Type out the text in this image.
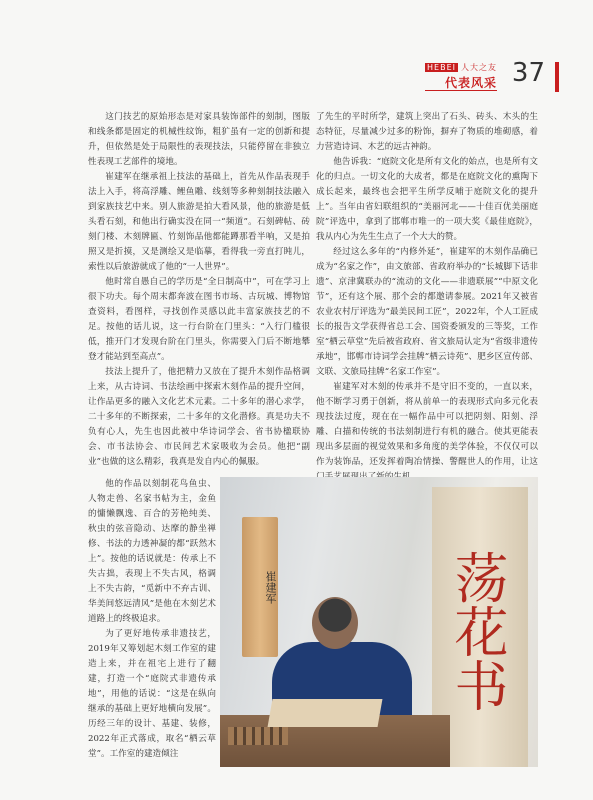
HEBEI 人大之友
代表风采 37

这门技艺的原始形态是对家具装饰部件的刻制，图版和线条都是固定的机械性纹饰，粗犷虽有一定的创新和提升，但依然是处于局限性的表现技法，只能停留在非独立性表现工艺部件的境地。

崔建军在继承祖上技法的基础上，首先从作品表现手法上入手，将高浮雕、鲤鱼雕、线刻等多种刻制技法融入到家族技艺中来。别人旅游是拍大看风景，他的旅游是低头看石刻，和他出行确实没在同一“频道”。石刻碑帖、砖刻门楼、木刻牌匾、竹刻饰品他都能蹲那看半响，又是拍照又是折摸，又是测绘又是临摹，看得我一旁直打盹儿，索性以后旅游就成了他的“一人世界”。

他时常自愚自己的学历是“全日制高中”，可在学习上很下功夫。每个周末都奔波在图书市场、古玩城、博物馆查资料，看图样，寻找创作灵感以此丰富家族技艺的不足。按他的话儿说，这一行台阶在门里头：“入行门槛很低，推开门才发现台阶在门里头，你需要入门后不断地攀登才能站到至高点”。

技法上提升了，他把精力又放在了提升木刻作品格调上来，从古诗词、书法绘画中探索木刻作品的提升空间，让作品更多的融入文化艺术元素。二十多年的潜心求学，二十多年的不断探索，二十多年的文化潜修。真是功夫不负有心人，先生也因此被中华诗词学会、省书协楹联协会、市书法协会、市民间艺术家吸收为会员。他把“副业”也做的这么精彩，我真是发自内心的佩服。

了先生的平时所学，建筑上突出了石头、砖头、木头的生态特征，尽量减少过多的粉饰，摒弃了物质的堆砌感，着力营造诗词、木艺的远古神韵。

他告诉我：“庭院文化是所有文化的始点，也是所有文化的归点。一切文化的大成者，都是在庭院文化的熏陶下成长起来，最终也会把平生所学反哺于庭院文化的提升上”。当年由省妇联组织的“美丽河北——十佳百优美丽庭院”评选中，拿到了邯郸市唯一的一项大奖《最佳庭院》，我从内心为先生生点了一个大大的赞。

经过这么多年的“内修外延”，崔建军的木刻作品确已成为“名家之作”，由文旅部、省政府举办的“长城脚下话非遗”、京津冀联办的“流动的文化——非遗联展”“中原文化节”，还有这个展、那个会的都邀请参展。2021年又被省农业农村厅评选为“最美民间工匠”，2022年，个人工匠成长的报告文学获得省总工会、国资委颁发的三等奖，工作室“栖云草堂”先后被省政府、省文旅局认定为“省级非遗传承地”，邯郸市诗词学会挂牌“栖云诗苑”、肥乡区宣传部、文联、文旅局挂牌“名家工作室”。

崔建军对木刻的传承并不是守旧不变的，一直以来，他不断学习勇于创新，将从前单一的表现形式向多元化表现技法过度，现在在一幅作品中可以把阴刻、阳刻、浮雕、白描和传统的书法刻制进行有机的融合。使其更能表现出多层面的视觉效果和多角度的美学体验，不仅仅可以作为装饰品，还发挥着陶冶情操、警醒世人的作用，让这

他的作品以刻制花鸟鱼虫、人物走兽、名家书帖为主，金鱼的慵懒飘逸、百合的芳艳纯美、秋虫的弦音隐动、达摩的静坐禅修、书法的力透神凝的都“跃然木上”。按他的话说就是：传承上不失古拙，表现上不失古风，格调上不失古韵，“觅新中不弃古训、华美间悠远清风”是他在木刻艺术道路上的终极追求。

为了更好地传承非遗技艺，2019年又筹划起木刻工作室的建造上来，并在祖宅上进行了翻建，打造一个“庭院式非遗传承地”，用他的话说：“这是在纵向继承的基础上更好地横向发展”。历经三年的设计、基建、装修，2022年正式落成，取名“栖云草堂”。工作室的建造倾注

崔建军	荡花书
